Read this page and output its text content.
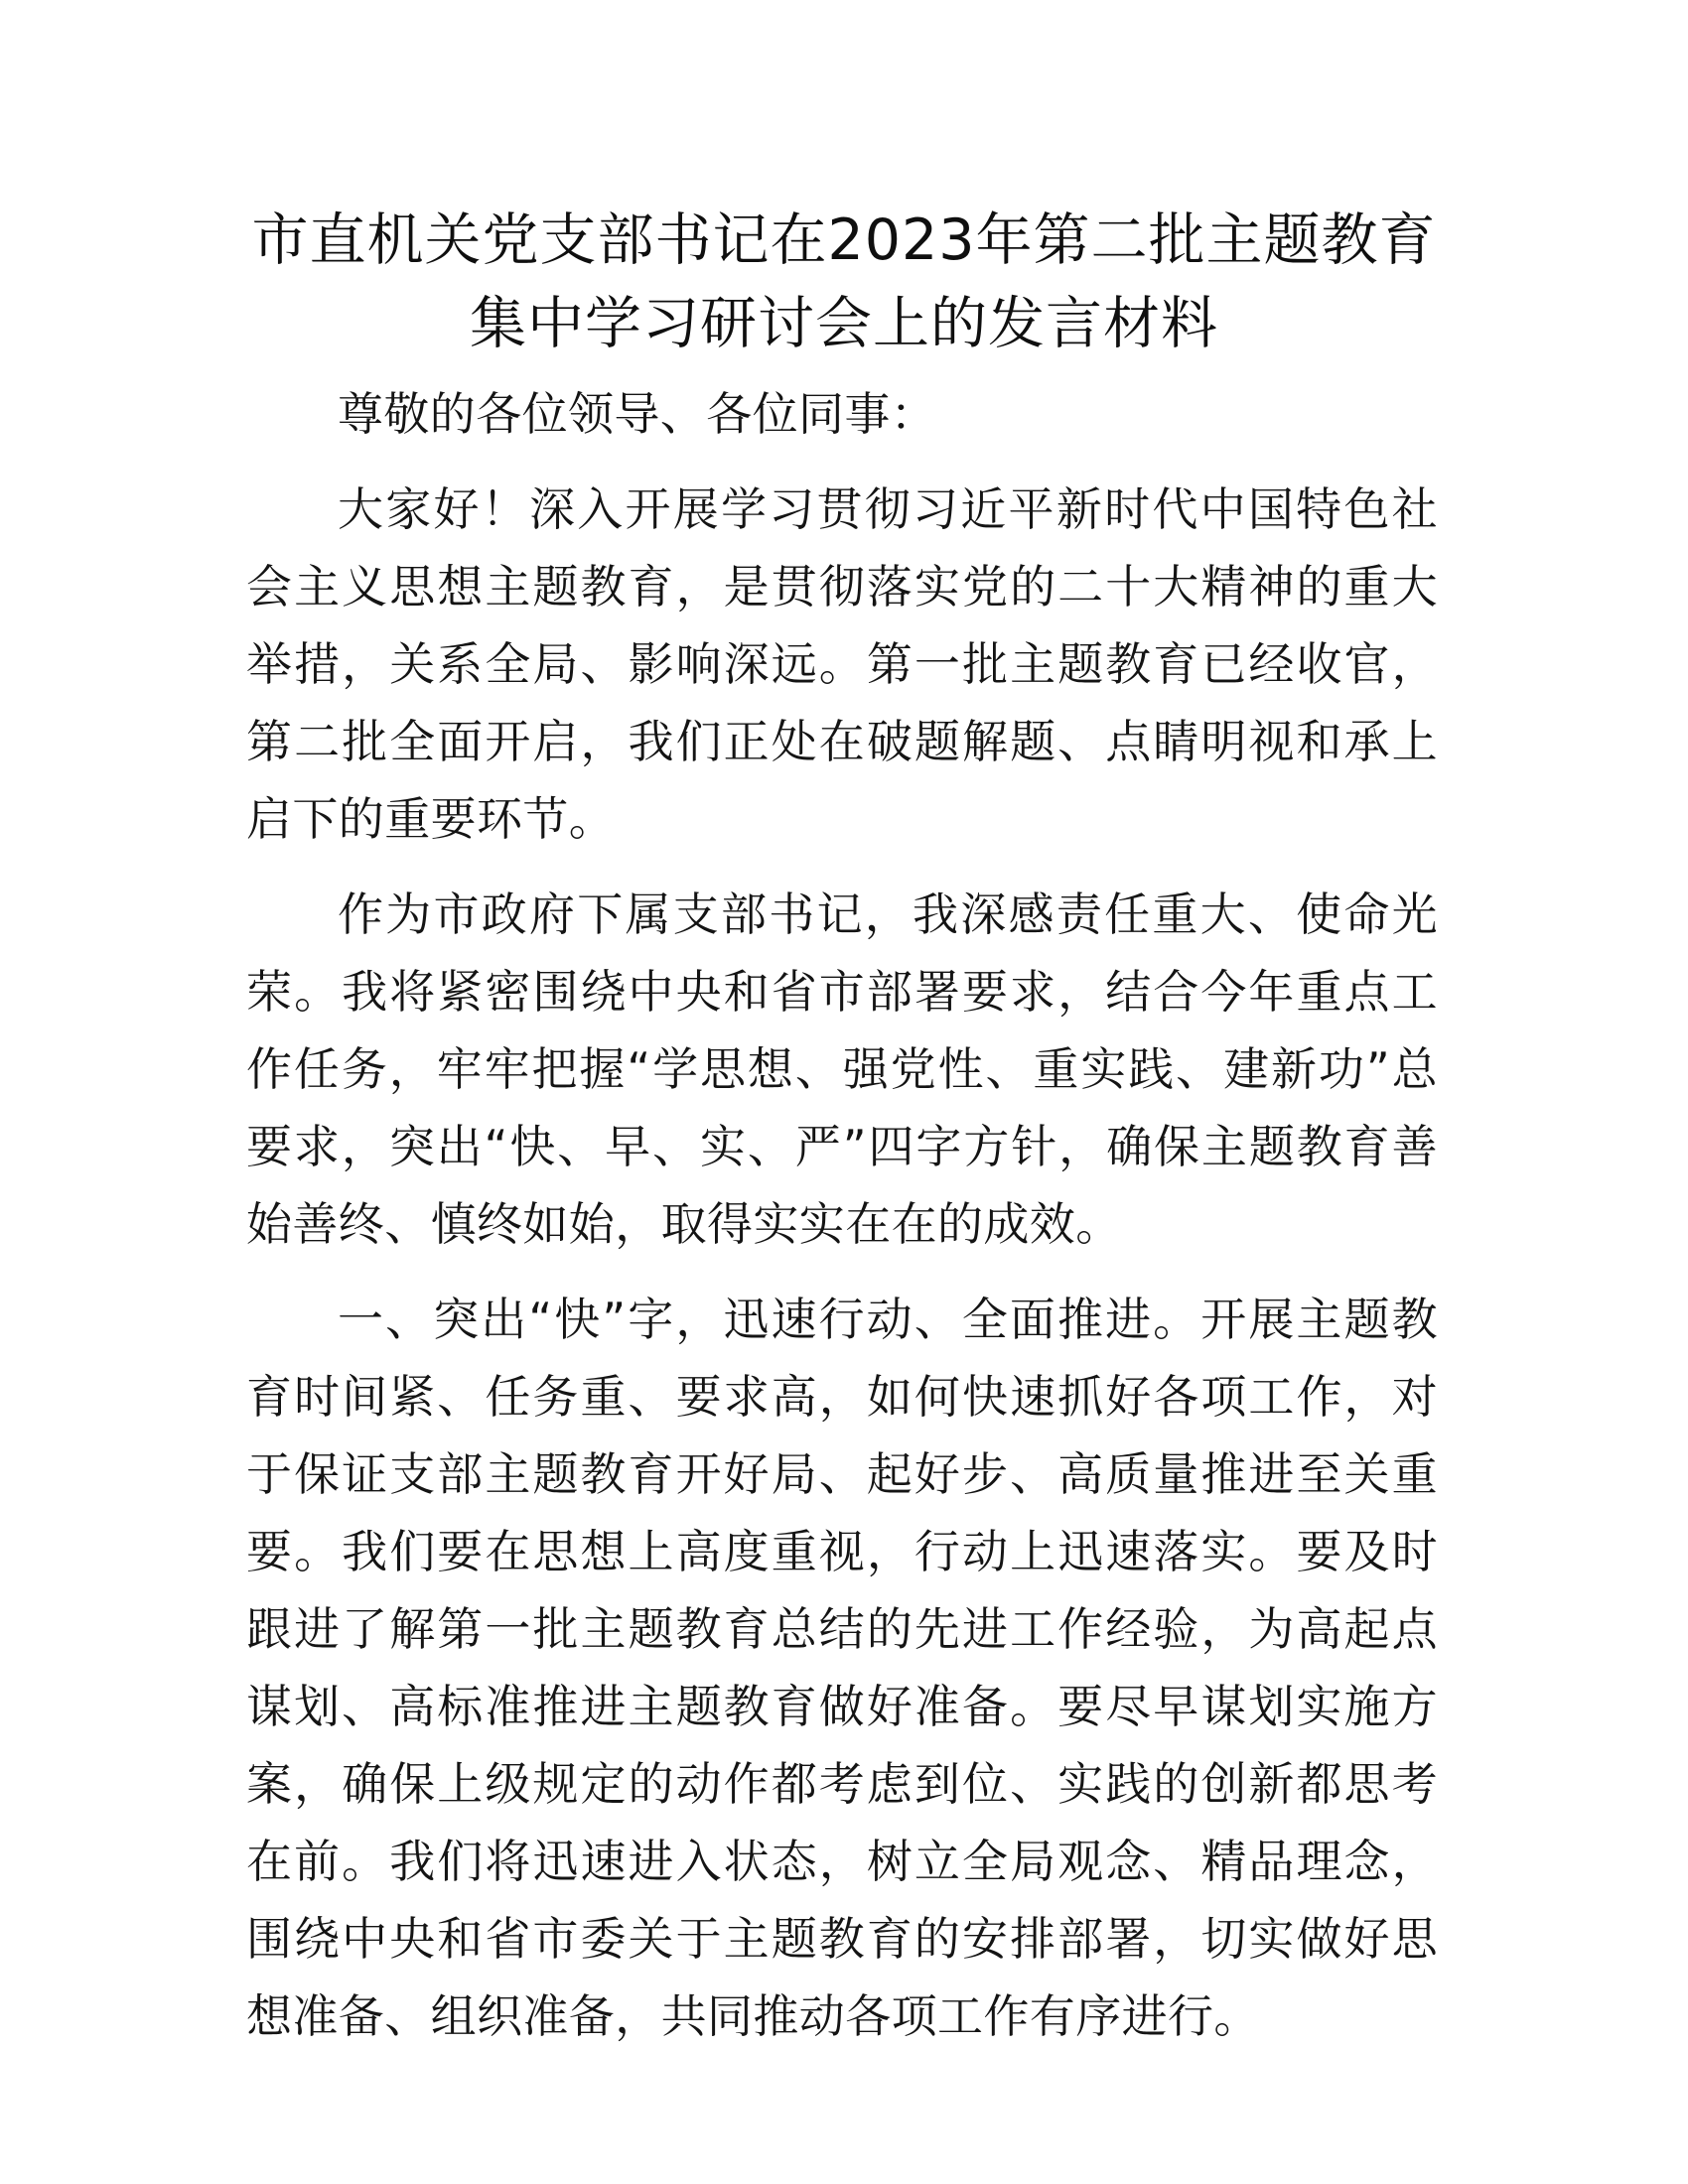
市直机关党支部书记在2023年第二批主题教育
集中学习研讨会上的发言材料

尊敬的各位领导、各位同事：

大家好！深入开展学习贯彻习近平新时代中国特色社会主义思想主题教育，是贯彻落实党的二十大精神的重大举措，关系全局、影响深远。第一批主题教育已经收官，第二批全面开启，我们正处在破题解题、点睛明视和承上启下的重要环节。

作为市政府下属支部书记，我深感责任重大、使命光荣。我将紧密围绕中央和省市部署要求，结合今年重点工作任务，牢牢把握“学思想、强党性、重实践、建新功”总要求，突出“快、早、实、严”四字方针，确保主题教育善始善终、慎终如始，取得实实在在的成效。

一、突出“快”字，迅速行动、全面推进。开展主题教育时间紧、任务重、要求高，如何快速抓好各项工作，对于保证支部主题教育开好局、起好步、高质量推进至关重要。我们要在思想上高度重视，行动上迅速落实。要及时跟进了解第一批主题教育总结的先进工作经验，为高起点谋划、高标准推进主题教育做好准备。要尽早谋划实施方案，确保上级规定的动作都考虑到位、实践的创新都思考在前。我们将迅速进入状态，树立全局观念、精品理念，围绕中央和省市委关于主题教育的安排部署，切实做好思想准备、组织准备，共同推动各项工作有序进行。
